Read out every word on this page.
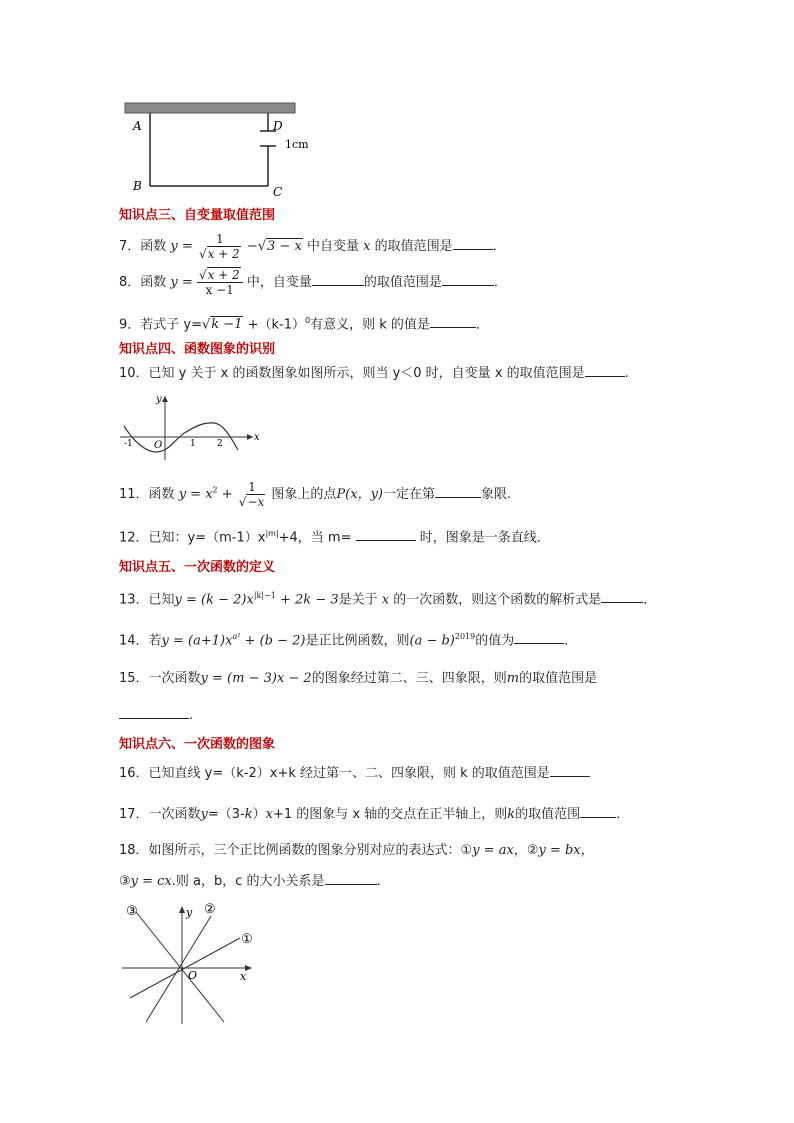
A	D
1cm
B	C
知识点三、自变量取值范围
7．函数 $y = \frac{1}{√x + 2} -√3 - x$ 中自变量 x 的取值范围是	．
8．函数 $y = \frac{√x + 2}{x -1}$ 中，自变量	的取值范围是	．
9．若式子 $y=√k -1 +(k-1)^0$有意义，则 k 的值是	．
知识点四、函数图象的识别
10．已知 y 关于 x 的函数图象如图所示，则当 y＜0 时，自变量 x 的取值范围是	.
y
x
O
-1	1 2
11．函数 $y = x^2 + \frac{1}{√-x}$ 图象上的点P(x，y)一定在第	象限.
12．已知：$y=(m-1)x^{|m|}+4$，当 m=	时，图象是一条直线．
知识点五、一次函数的定义
13．已知$y = (k - 2)x^{|k|-1} + 2k - 3$是关于 x 的一次函数，则这个函数的解析式是	．
14．若$y = (a+1)x^{a^2} + (b - 2)$是正比例函数，则$(a - b)^{2019}$的值为	.
15．一次函数y = (m − 3)x − 2的图象经过第二、三、四象限，则m的取值范围是
.
知识点六、一次函数的图象
16．已知直线 y=（k-2）x+k 经过第一、二、四象限，则 k 的取值范围是
17．一次函数y=（3-k）x+1 的图象与 x 轴的交点在正半轴上，则k的取值范围	．
18．如图所示，三个正比例函数的图象分别对应的表达式：①y = ax，②y = bx，
③y = cx.则 a，b，c 的大小关系是	.
①
②
③	y
x
O
